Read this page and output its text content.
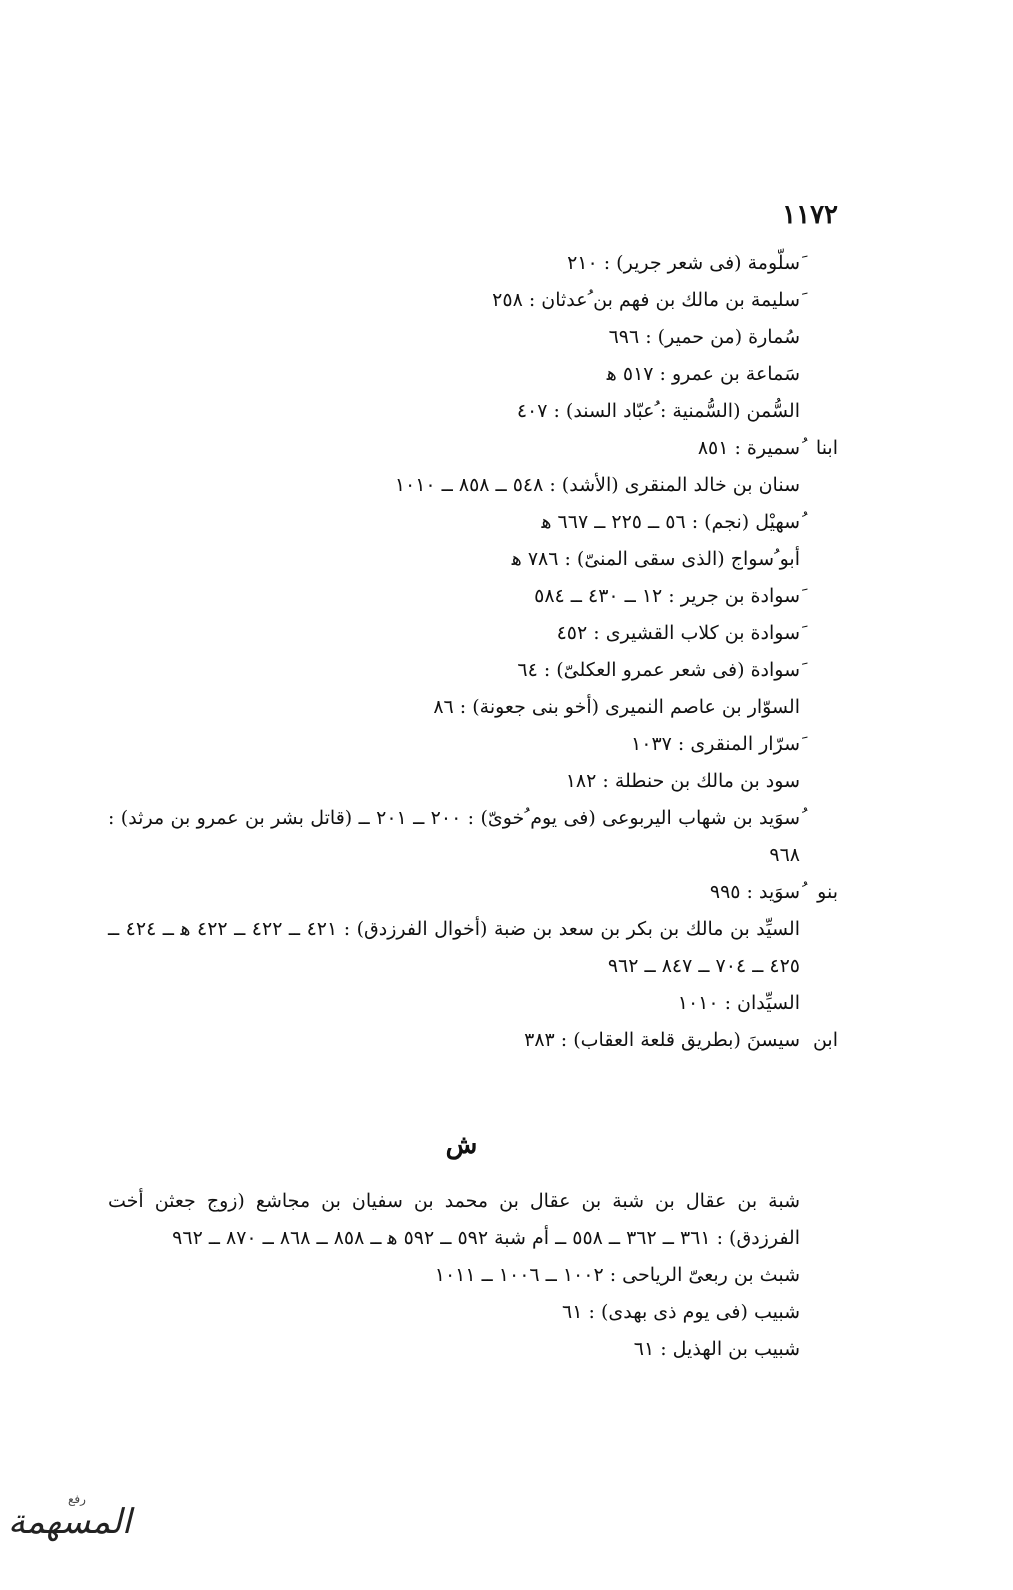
١١٧٢
َسلّومة (فى شعر جرير) : ٢١٠
َسليمة بن مالك بن فهم بن ُعدثان : ٢٥٨
سُمارة (من حمير) : ٦٩٦
سَماعة بن عمرو : ٥١٧ ﻫ
السُّمن (السُّمنية : ُعبّاد السند) : ٤٠٧
ابنا
ُسميرة : ٨٥١
سنان بن خالد المنقرى (الأشد) : ٥٤٨ ــ ٨٥٨ ــ ١٠١٠
ُسهيْل (نجم) : ٥٦ ــ ٢٢٥ ــ ٦٦٧ ﻫ
أبو ُسواج (الذى سقى المنىّ) : ٧٨٦ ﻫ
َسوادة بن جرير : ١٢ ــ ٤٣٠ ــ ٥٨٤
َسوادة بن كلاب القشيرى : ٤٥٢
َسوادة (فى شعر عمرو العكلىّ) : ٦٤
السوّار بن عاصم النميرى (أخو بنى جعونة) : ٨٦
َسرّار المنقرى : ١٠٣٧
سود بن مالك بن حنطلة : ١٨٢
ُسوَيد بن شهاب اليربوعى (فى يوم ُخوىّ) : ٢٠٠ ــ ٢٠١ ــ (قاتل بشر بن عمرو بن مرثد) : ٩٦٨
بنو
ُسوَيد : ٩٩٥
السيِّد بن مالك بن بكر بن سعد بن ضبة (أخوال الفرزدق) : ٤٢١ ــ ٤٢٢ ــ ٤٢٢ ﻫ ــ ٤٢٤ ــ ٤٢٥ ــ ٧٠٤ ــ ٨٤٧ ــ ٩٦٢
السيِّدان : ١٠١٠
ابن
سيسنَ (بطريق قلعة العقاب) : ٣٨٣
ش
شبة بن عقال بن شبة بن عقال بن محمد بن سفيان بن مجاشع (زوج جعثن أخت الفرزدق) : ٣٦١ ــ ٣٦٢ ــ ٥٥٨ ــ أم شبة ٥٩٢ ــ ٥٩٢ ﻫ ــ ٨٥٨ ــ ٨٦٨ ــ ٨٧٠ ــ ٩٦٢
شبث بن ربعىّ الرياحى : ١٠٠٢ ــ ١٠٠٦ ــ ١٠١١
شبيب (فى يوم ذى بهدى) : ٦١
شبيب بن الهذيل : ٦١
رفع
المسهمة
